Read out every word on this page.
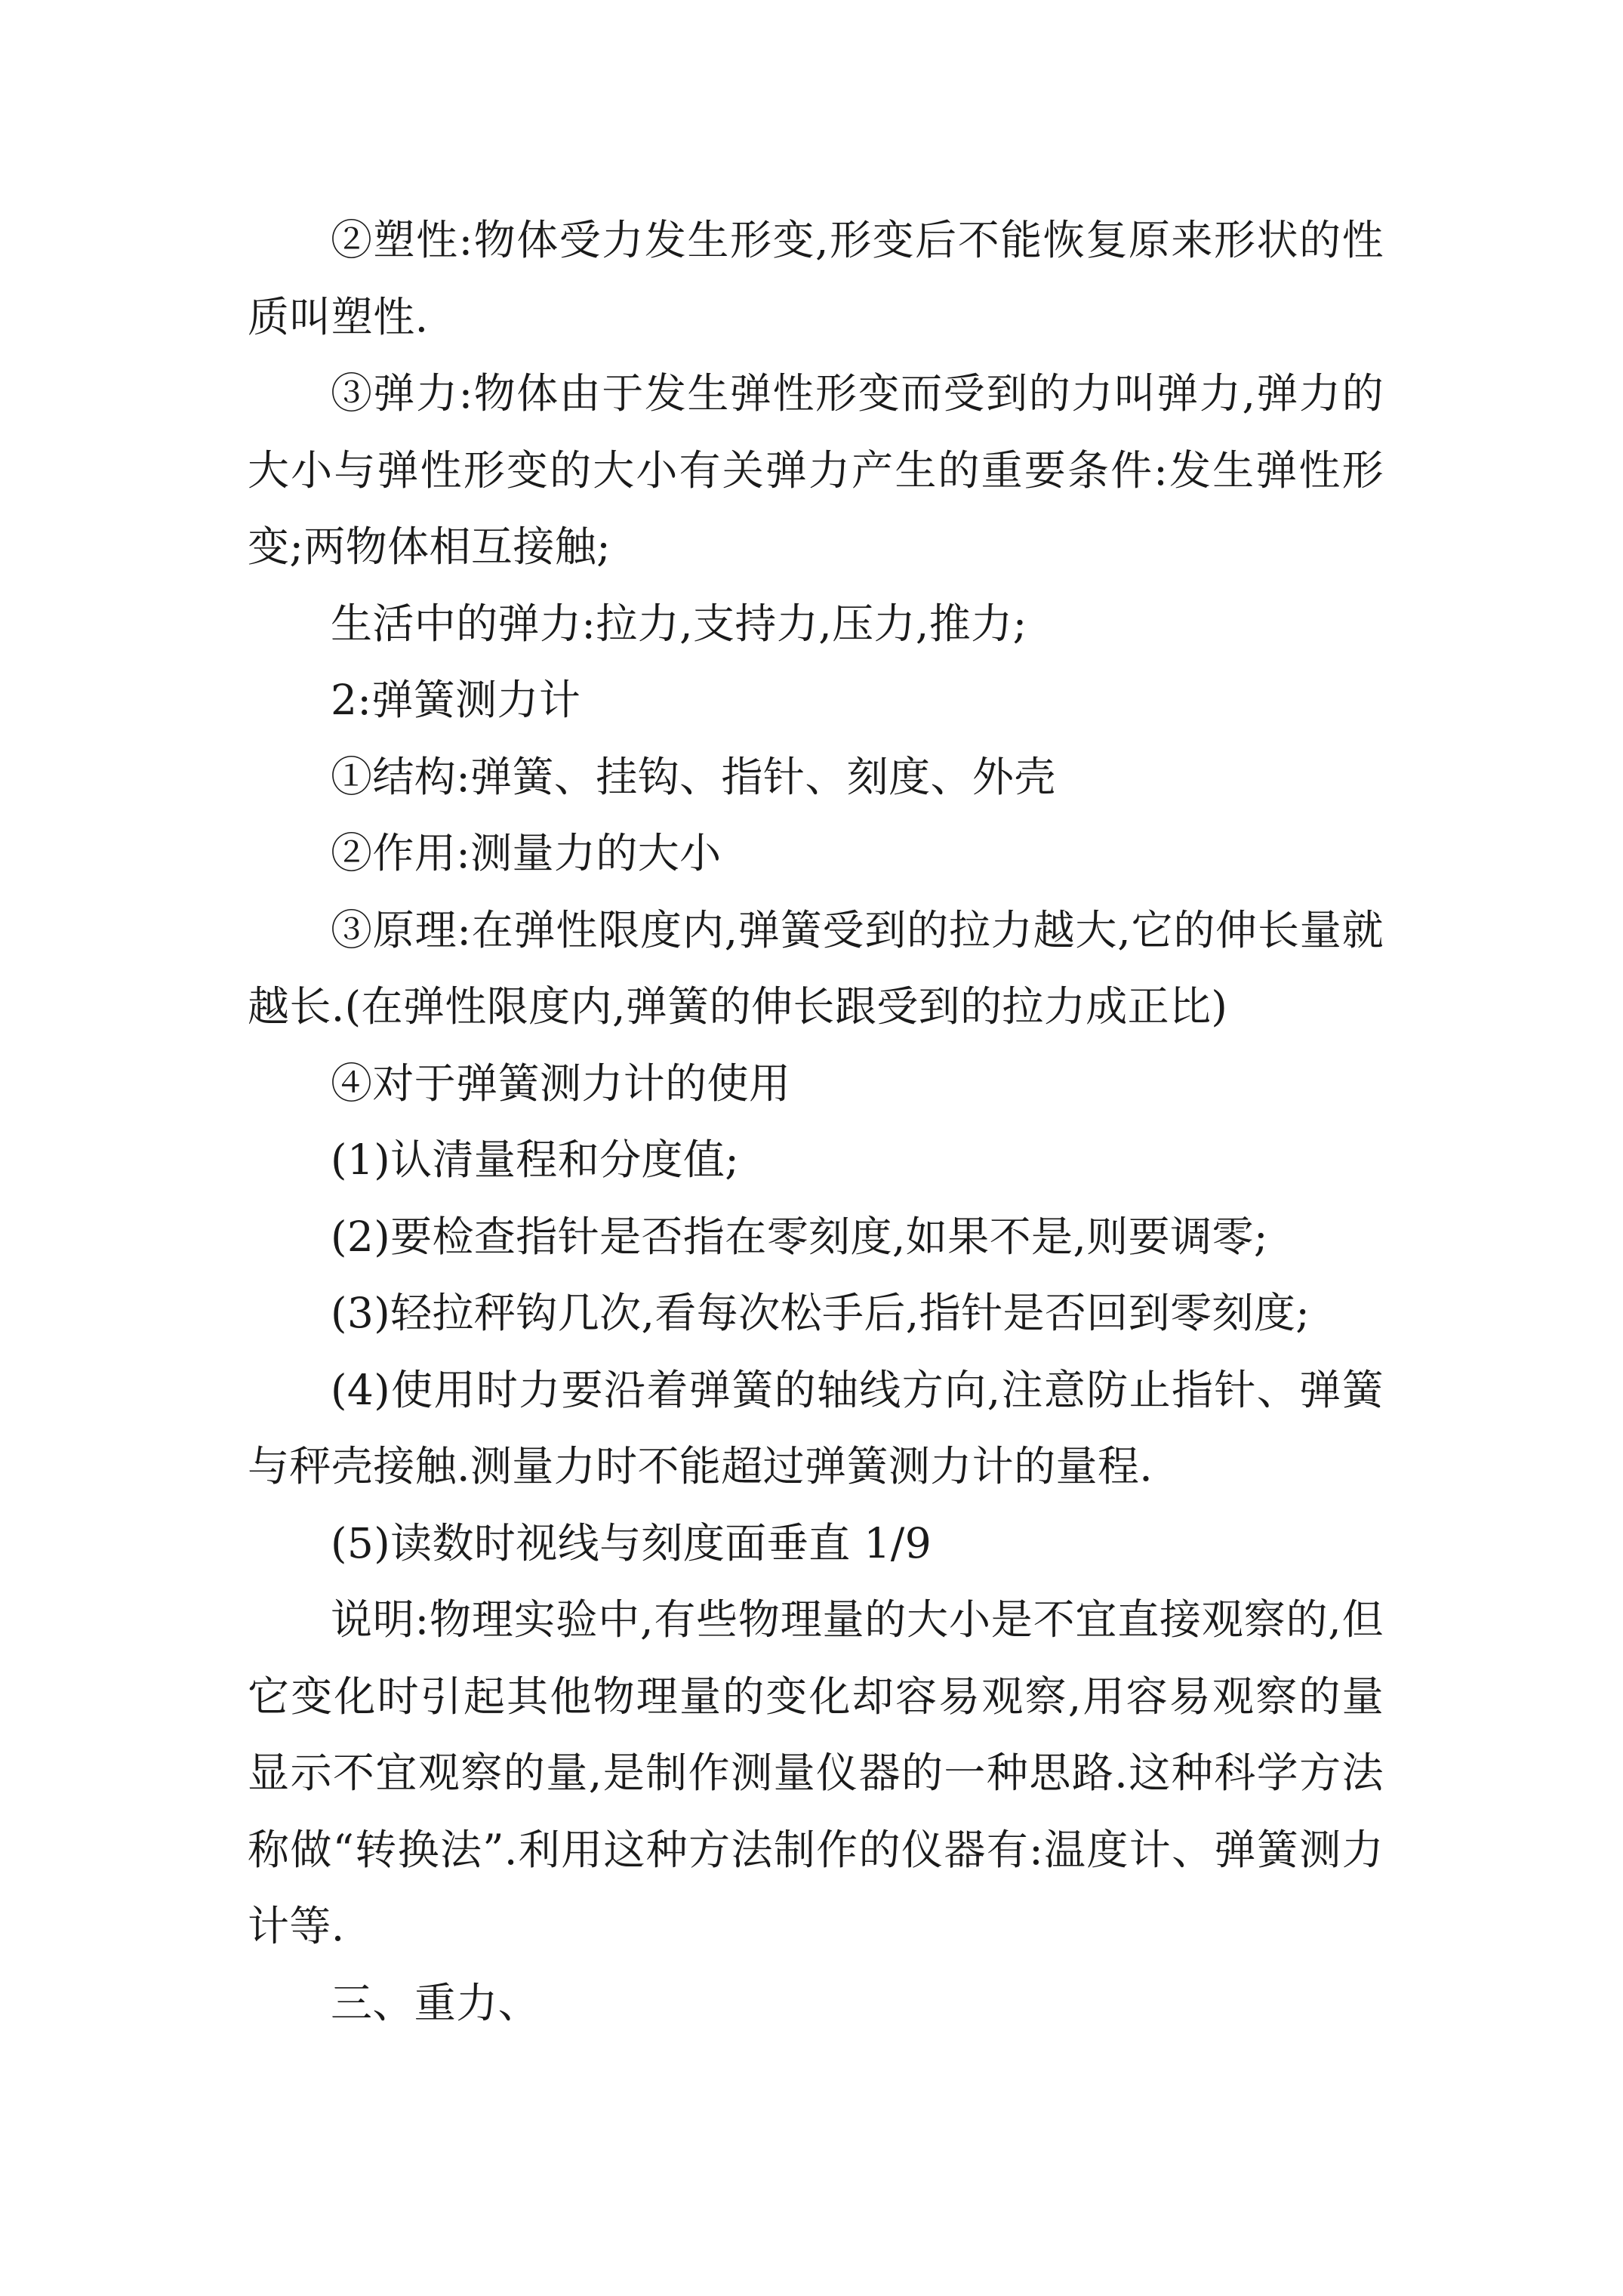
②塑性:物体受力发生形变,形变后不能恢复原来形状的性质叫塑性.

③弹力:物体由于发生弹性形变而受到的力叫弹力,弹力的大小与弹性形变的大小有关弹力产生的重要条件:发生弹性形变;两物体相互接触;

生活中的弹力:拉力,支持力,压力,推力;

2:弹簧测力计

①结构:弹簧、挂钩、指针、刻度、外壳

②作用:测量力的大小

③原理:在弹性限度内,弹簧受到的拉力越大,它的伸长量就越长.(在弹性限度内,弹簧的伸长跟受到的拉力成正比)

④对于弹簧测力计的使用

(1)认清量程和分度值;

(2)要检查指针是否指在零刻度,如果不是,则要调零;

(3)轻拉秤钩几次,看每次松手后,指针是否回到零刻度;

(4)使用时力要沿着弹簧的轴线方向,注意防止指针、弹簧与秤壳接触.测量力时不能超过弹簧测力计的量程.

(5)读数时视线与刻度面垂直 1/9

说明:物理实验中,有些物理量的大小是不宜直接观察的,但它变化时引起其他物理量的变化却容易观察,用容易观察的量显示不宜观察的量,是制作测量仪器的一种思路.这种科学方法称做“转换法”.利用这种方法制作的仪器有:温度计、弹簧测力计等.

三、重力、
